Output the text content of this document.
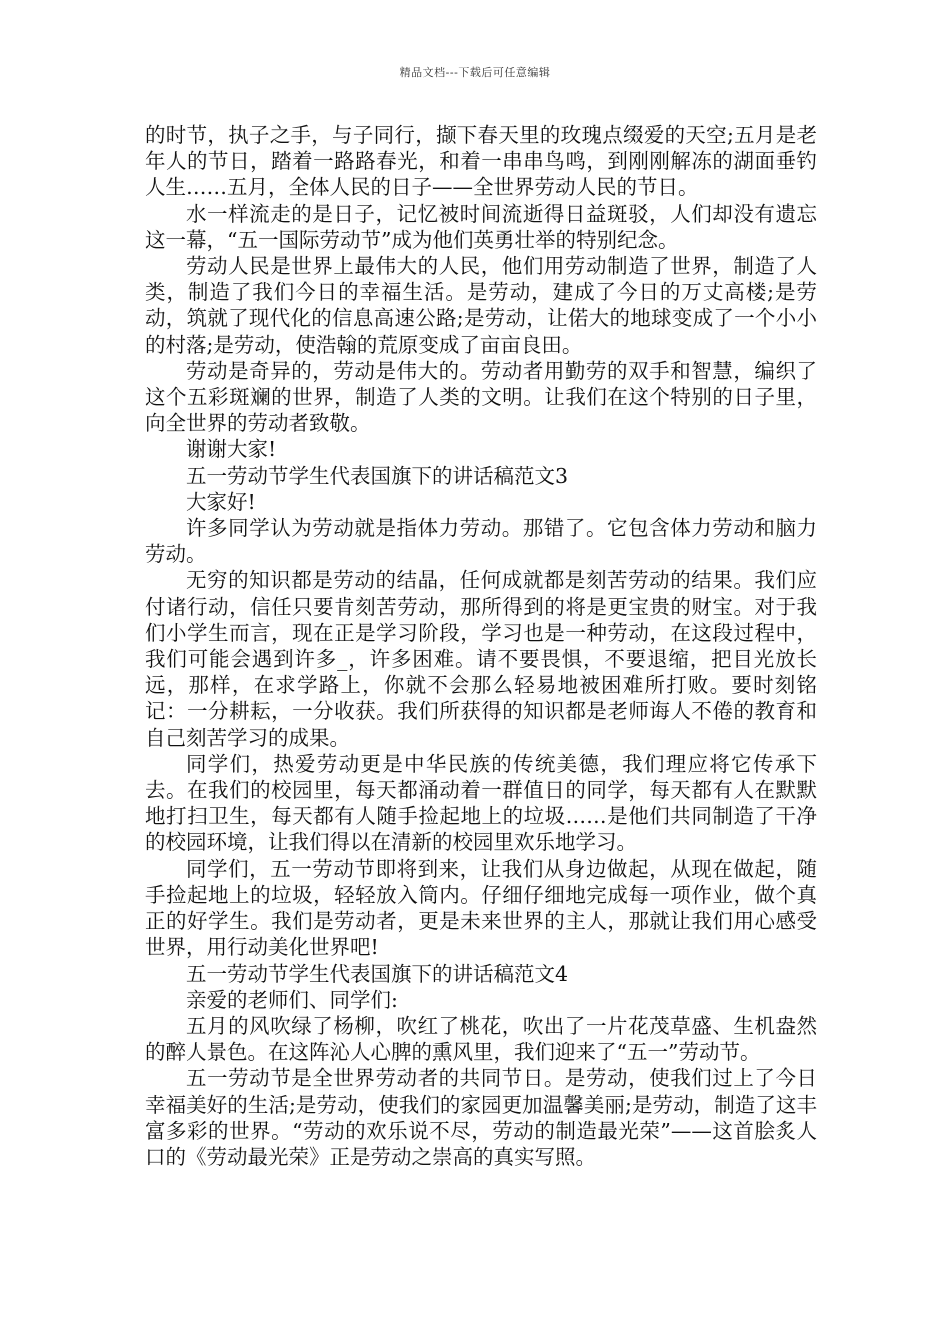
精品文档---下载后可任意编辑

的时节，执子之手，与子同行，撷下春天里的玫瑰点缀爱的天空;五月是老年人的节日，踏着一路路春光，和着一串串鸟鸣，到刚刚解冻的湖面垂钓人生……五月，全体人民的日子——全世界劳动人民的节日。

水一样流走的是日子，记忆被时间流逝得日益斑驳，人们却没有遗忘这一幕，“五一国际劳动节”成为他们英勇壮举的特别纪念。

劳动人民是世界上最伟大的人民，他们用劳动制造了世界，制造了人类，制造了我们今日的幸福生活。是劳动，建成了今日的万丈高楼;是劳动，筑就了现代化的信息高速公路;是劳动，让偌大的地球变成了一个小小的村落;是劳动，使浩翰的荒原变成了亩亩良田。

劳动是奇异的，劳动是伟大的。劳动者用勤劳的双手和智慧，编织了这个五彩斑斓的世界，制造了人类的文明。让我们在这个特别的日子里，向全世界的劳动者致敬。

谢谢大家!

五一劳动节学生代表国旗下的讲话稿范文3

大家好!

许多同学认为劳动就是指体力劳动。那错了。它包含体力劳动和脑力劳动。

无穷的知识都是劳动的结晶，任何成就都是刻苦劳动的结果。我们应付诸行动，信任只要肯刻苦劳动，那所得到的将是更宝贵的财宝。对于我们小学生而言，现在正是学习阶段，学习也是一种劳动，在这段过程中，我们可能会遇到许多_，许多困难。请不要畏惧，不要退缩，把目光放长远，那样，在求学路上，你就不会那么轻易地被困难所打败。要时刻铭记：一分耕耘，一分收获。我们所获得的知识都是老师诲人不倦的教育和自己刻苦学习的成果。

同学们，热爱劳动更是中华民族的传统美德，我们理应将它传承下去。在我们的校园里，每天都涌动着一群值日的同学，每天都有人在默默地打扫卫生，每天都有人随手捡起地上的垃圾……是他们共同制造了干净的校园环境，让我们得以在清新的校园里欢乐地学习。

同学们，五一劳动节即将到来，让我们从身边做起，从现在做起，随手捡起地上的垃圾，轻轻放入筒内。仔细仔细地完成每一项作业，做个真正的好学生。我们是劳动者，更是未来世界的主人，那就让我们用心感受世界，用行动美化世界吧!

五一劳动节学生代表国旗下的讲话稿范文4

亲爱的老师们、同学们:

五月的风吹绿了杨柳，吹红了桃花，吹出了一片花茂草盛、生机盎然的醉人景色。在这阵沁人心脾的熏风里，我们迎来了“五一”劳动节。

五一劳动节是全世界劳动者的共同节日。是劳动，使我们过上了今日幸福美好的生活;是劳动，使我们的家园更加温馨美丽;是劳动，制造了这丰富多彩的世界。“劳动的欢乐说不尽，劳动的制造最光荣”——这首脍炙人口的《劳动最光荣》正是劳动之崇高的真实写照。
